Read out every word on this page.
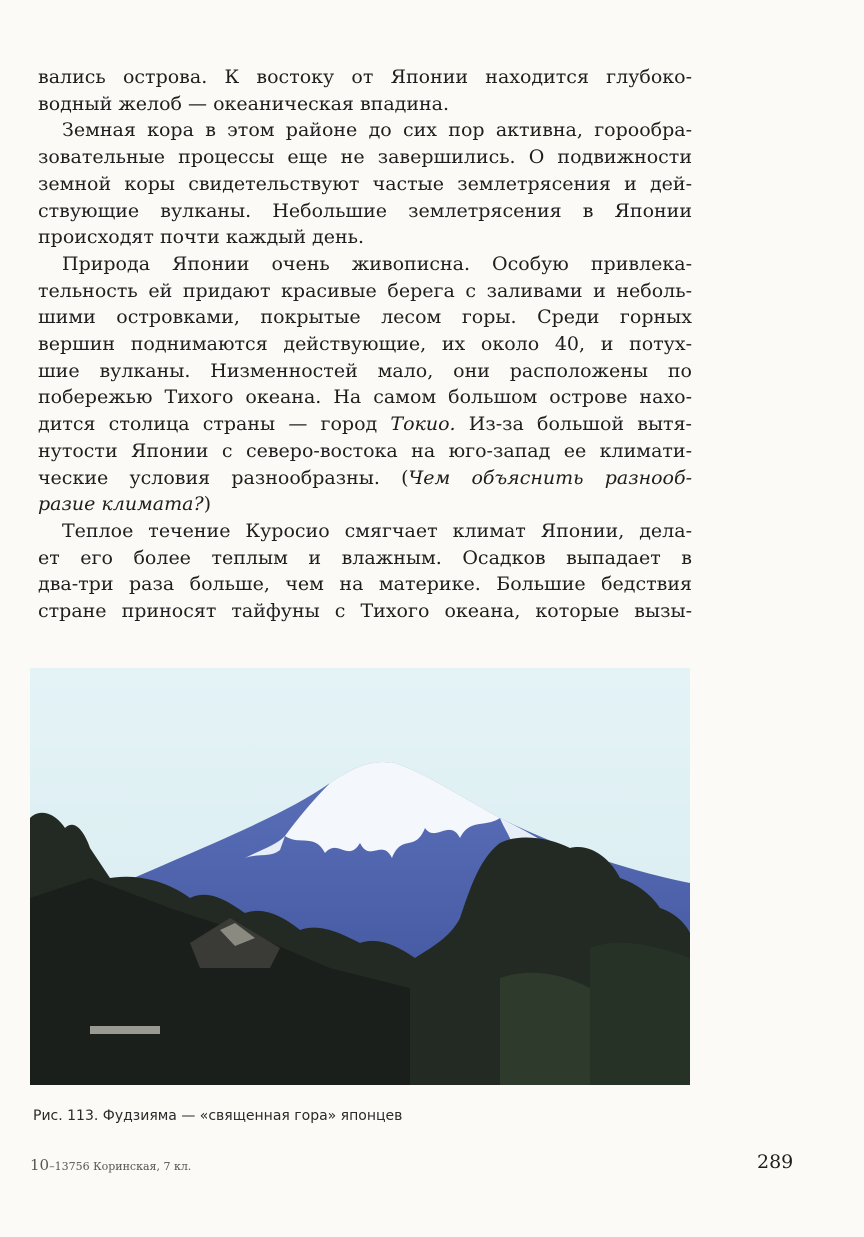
вались острова. К востоку от Японии находится глубоко-
водный желоб — океаническая впадина.
Земная кора в этом районе до сих пор активна, горообра-
зовательные процессы еще не завершились. О подвижности
земной коры свидетельствуют частые землетрясения и дей-
ствующие вулканы. Небольшие землетрясения в Японии
происходят почти каждый день.
Природа Японии очень живописна. Особую привлека-
тельность ей придают красивые берега с заливами и неболь-
шими островками, покрытые лесом горы. Среди горных
вершин поднимаются действующие, их около 40, и потух-
шие вулканы. Низменностей мало, они расположены по
побережью Тихого океана. На самом большом острове нахо-
дится столица страны — город Токио. Из-за большой вытя-
нутости Японии с северо-востока на юго-запад ее климати-
ческие условия разнообразны. (Чем объяснить разнооб-
разие климата?)
Теплое течение Куросио смягчает климат Японии, дела-
ет его более теплым и влажным. Осадков выпадает в
два-три раза больше, чем на материке. Большие бедствия
стране приносят тайфуны с Тихого океана, которые вызы-
Рис. 113. Фудзияма — «священная гора» японцев
10–13756 Коринская, 7 кл.	289
